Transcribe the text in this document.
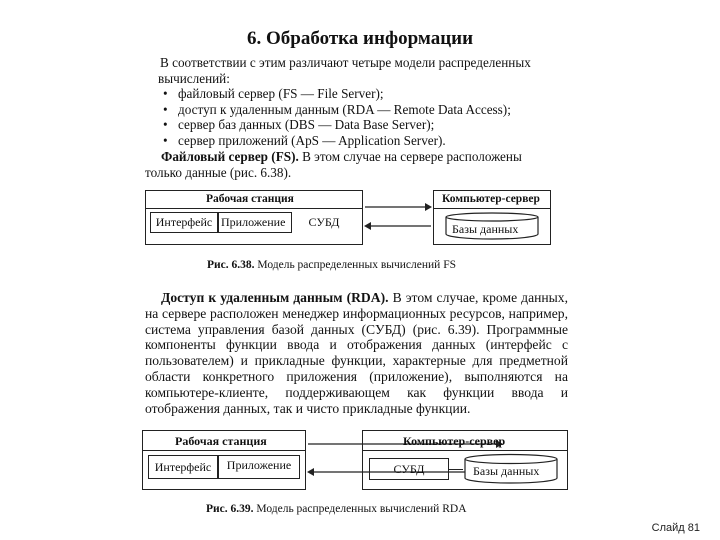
6. Обработка информации
В соответствии с этим различают четыре модели распределенных вычислений:
• файловый сервер (FS — File Server);
• доступ к удаленным данным (RDA — Remote Data Access);
• сервер баз данных (DBS — Data Base Server);
• сервер приложений (ApS — Application Server).
Файловый сервер (FS). В этом случае на сервере расположены только данные (рис. 6.38).
Рабочая станция
Интерфейс Приложение	СУБД
Компьютер-сервер
Базы данных
Рис. 6.38. Модель распределенных вычислений FS
Доступ к удаленным данным (RDA). В этом случае, кроме данных, на сервере расположен менеджер информационных ресурсов, например, система управления базой данных (СУБД) (рис. 6.39). Программные компоненты функции ввода и отображения данных (интерфейс с пользователем) и прикладные функции, характерные для предметной области конкретного приложения (приложение), выполняются на компьютере-клиенте, поддерживающем как функции ввода и отображения данных, так и чисто прикладные функции.
Рабочая станция
Интерфейс	Приложение
Компьютер-сервер
СУБД	Базы данных
Рис. 6.39. Модель распределенных вычислений RDA
Слайд 81
